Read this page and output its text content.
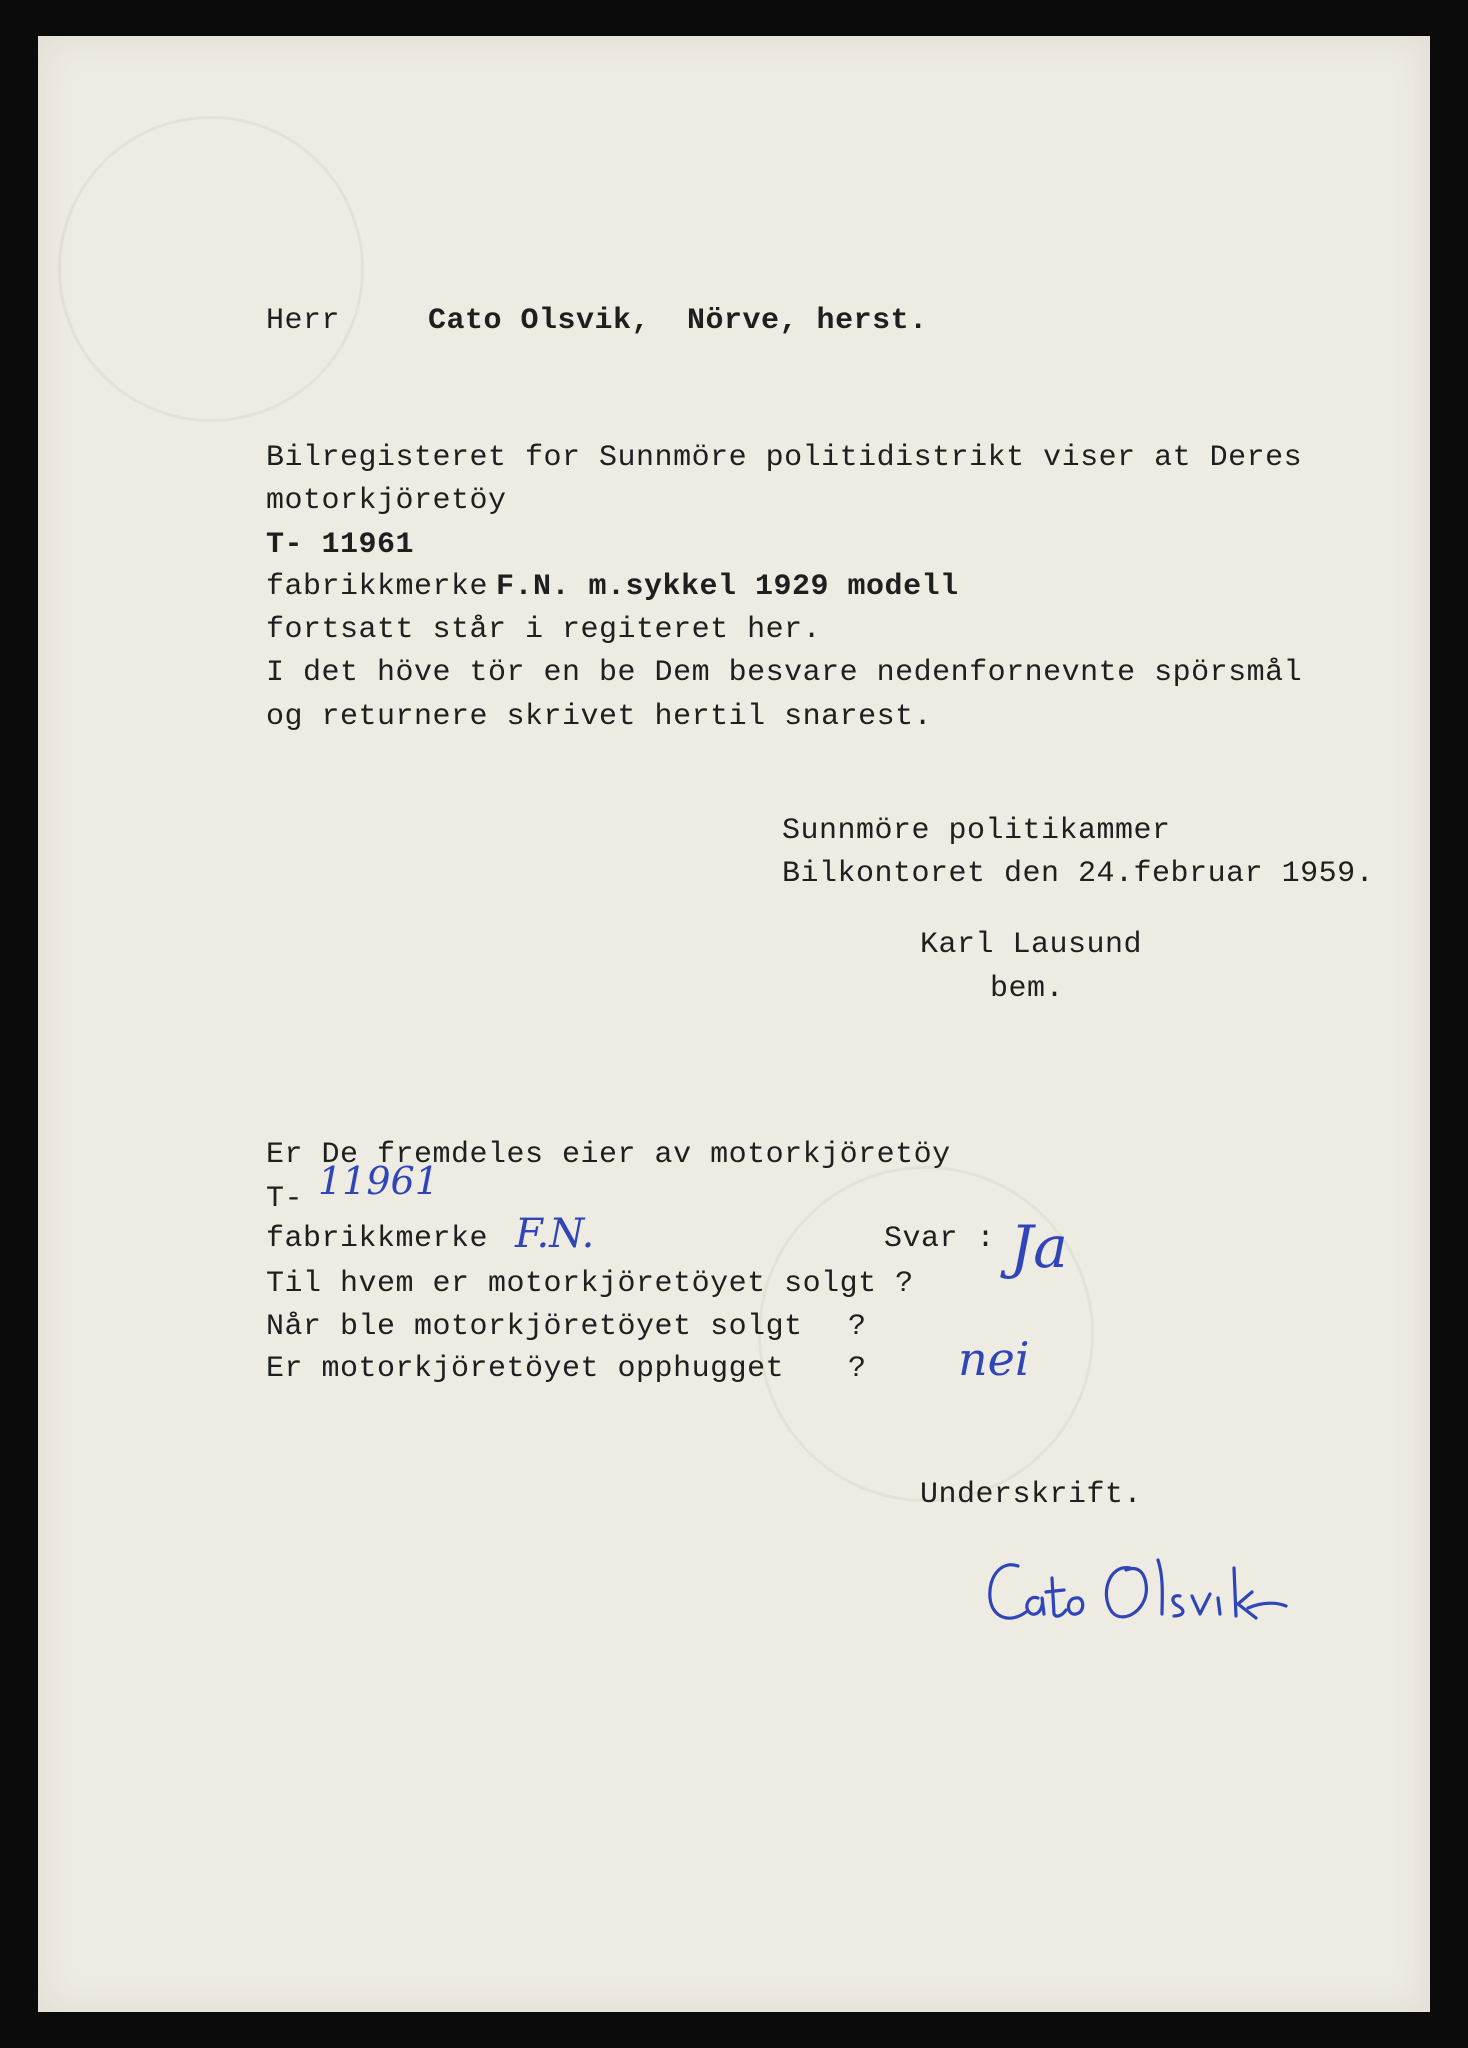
Herr	Cato Olsvik,  Nörve, herst.
Bilregisteret for Sunnmöre politidistrikt viser at Deres
motorkjöretöy
T- 11961
fabrikkmerke F.N. m.sykkel 1929 modell
fortsatt står i regiteret her.
I det höve tör en be Dem besvare nedenfornevnte spörsmål
og returnere skrivet hertil snarest.
Sunnmöre politikammer
Bilkontoret den 24.februar 1959.
Karl Lausund
bem.
Er De fremdeles eier av motorkjöretöy
T- 11961
fabrikkmerke F.N.	Svar : Ja
Til hvem er motorkjöretöyet solgt ?
Når ble motorkjöretöyet solgt ?
Er motorkjöretöyet opphugget ? nei
Underskrift.
